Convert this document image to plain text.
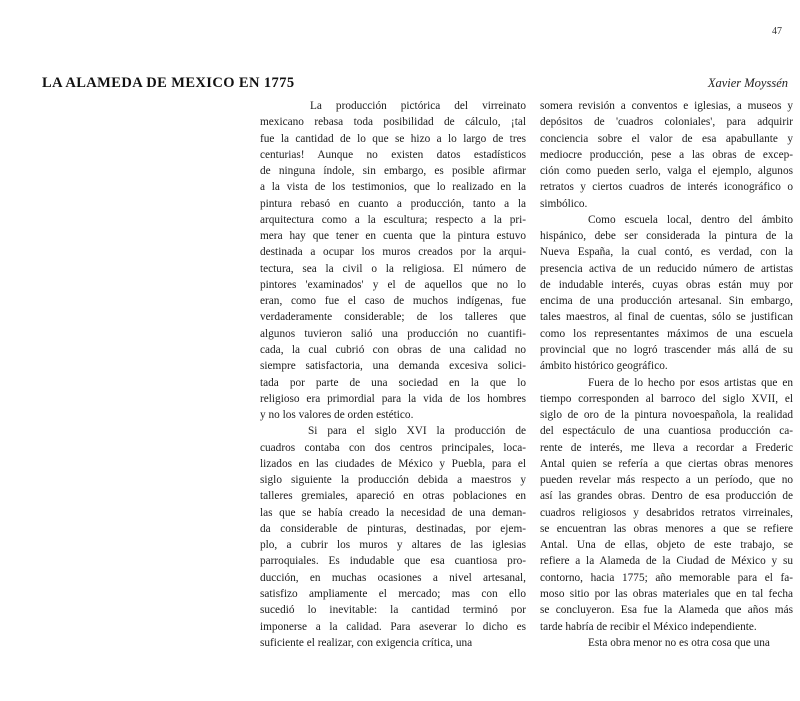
47
LA ALAMEDA DE MEXICO EN 1775	Xavier Moyssén
La producción pictórica del virreinato
mexicano rebasa toda posibilidad de cálculo, ¡tal
fue la cantidad de lo que se hizo a lo largo de tres
centurias! Aunque no existen datos estadísticos
de ninguna índole, sin embargo, es posible afirmar
a la vista de los testimonios, que lo realizado en la
pintura rebasó en cuanto a producción, tanto a la
arquitectura como a la escultura; respecto a la pri-
mera hay que tener en cuenta que la pintura estuvo
destinada a ocupar los muros creados por la arqui-
tectura, sea la civil o la religiosa. El número de
pintores 'examinados' y el de aquellos que no lo
eran, como fue el caso de muchos indígenas, fue
verdaderamente considerable; de los talleres que
algunos tuvieron salió una producción no cuantifi-
cada, la cual cubrió con obras de una calidad no
siempre satisfactoria, una demanda excesiva solici-
tada por parte de una sociedad en la que lo
religioso era primordial para la vida de los hombres
y no los valores de orden estético.
Si para el siglo XVI la producción de
cuadros contaba con dos centros principales, loca-
lizados en las ciudades de México y Puebla, para el
siglo siguiente la producción debida a maestros y
talleres gremiales, apareció en otras poblaciones en
las que se había creado la necesidad de una deman-
da considerable de pinturas, destinadas, por ejem-
plo, a cubrir los muros y altares de las iglesias
parroquiales. Es indudable que esa cuantiosa pro-
ducción, en muchas ocasiones a nivel artesanal,
satisfizo ampliamente el mercado; mas con ello
sucedió lo inevitable: la cantidad terminó por
imponerse a la calidad. Para aseverar lo dicho es
suficiente el realizar, con exigencia crítica, una
somera revisión a conventos e iglesias, a museos y
depósitos de 'cuadros coloniales', para adquirir
conciencia sobre el valor de esa apabullante y
mediocre producción, pese a las obras de excep-
ción como pueden serlo, valga el ejemplo, algunos
retratos y ciertos cuadros de interés iconográfico o
simbólico.
Como escuela local, dentro del ámbito
hispánico, debe ser considerada la pintura de la
Nueva España, la cual contó, es verdad, con la
presencia activa de un reducido número de artistas
de indudable interés, cuyas obras están muy por
encima de una producción artesanal. Sin embargo,
tales maestros, al final de cuentas, sólo se justifican
como los representantes máximos de una escuela
provincial que no logró trascender más allá de su
ámbito histórico geográfico.
Fuera de lo hecho por esos artistas que en
tiempo corresponden al barroco del siglo XVII, el
siglo de oro de la pintura novoespañola, la realidad
del espectáculo de una cuantiosa producción ca-
rente de interés, me lleva a recordar a Frederic
Antal quien se refería a que ciertas obras menores
pueden revelar más respecto a un período, que no
así las grandes obras. Dentro de esa producción de
cuadros religiosos y desabridos retratos virreinales,
se encuentran las obras menores a que se refiere
Antal. Una de ellas, objeto de este trabajo, se
refiere a la Alameda de la Ciudad de México y su
contorno, hacia 1775; año memorable para el fa-
moso sitio por las obras materiales que en tal fecha
se concluyeron. Esa fue la Alameda que años más
tarde habría de recibir el México independiente.
Esta obra menor no es otra cosa que una
